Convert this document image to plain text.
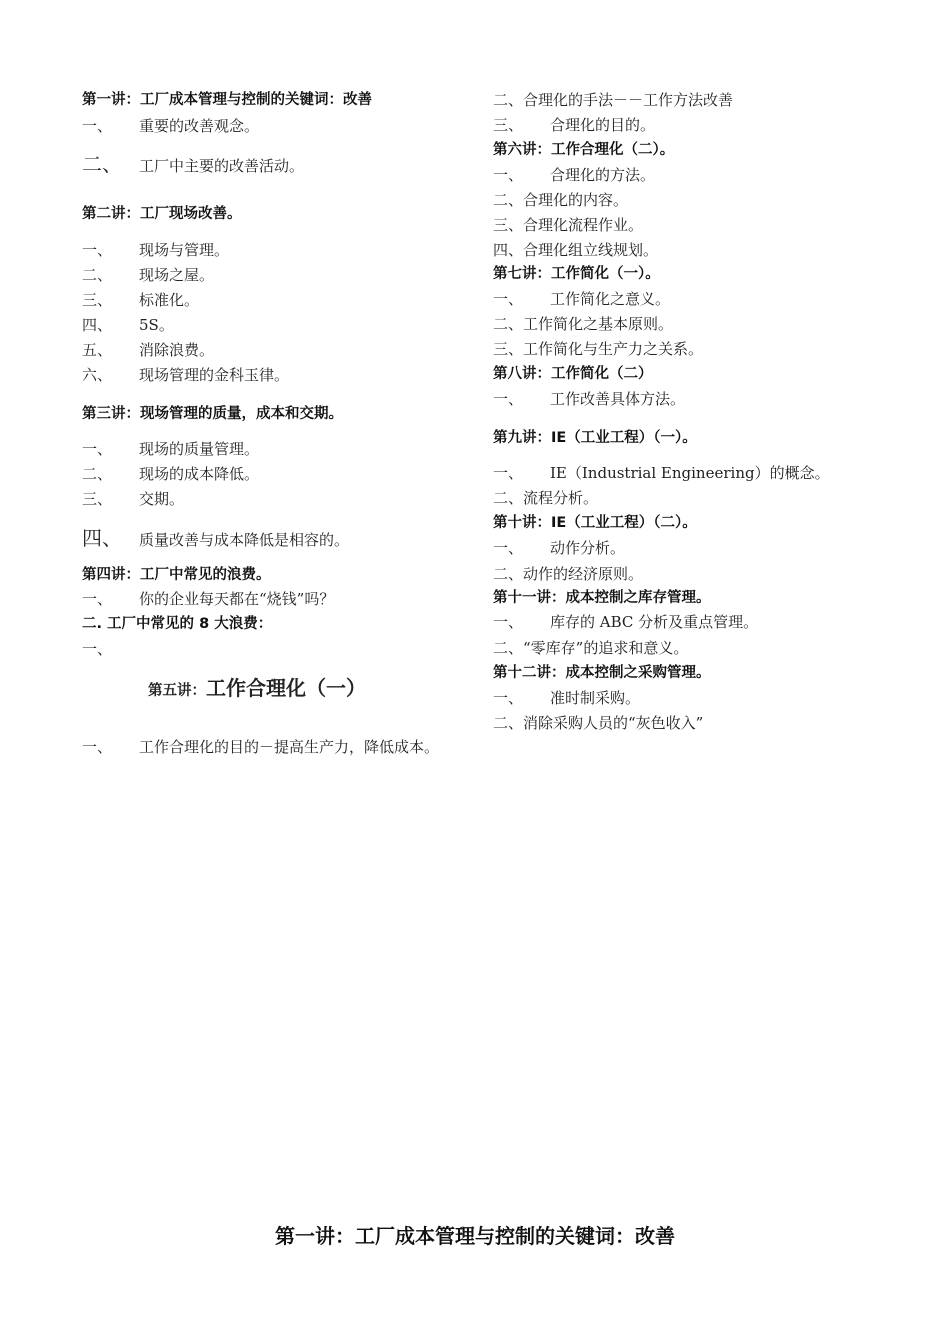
第一讲：工厂成本管理与控制的关键词：改善
一、 重要的改善观念。
二、 工厂中主要的改善活动。
第二讲：工厂现场改善。
一、 现场与管理。
二、 现场之屋。
三、 标准化。
四、 5S。
五、 消除浪费。
六、 现场管理的金科玉律。
第三讲：现场管理的质量，成本和交期。
一、 现场的质量管理。
二、 现场的成本降低。
三、 交期。
四、 质量改善与成本降低是相容的。
第四讲：工厂中常见的浪费。
一、 你的企业每天都在“烧钱”吗？
二. 工厂中常见的 8 大浪费：
一、
第五讲：工作合理化（一）
一、 工作合理化的目的－提高生产力，降低成本。
二、合理化的手法－－工作方法改善
三、 合理化的目的。
第六讲：工作合理化（二）。
一、 合理化的方法。
二、合理化的内容。
三、合理化流程作业。
四、合理化组立线规划。
第七讲：工作简化（一）。
一、 工作简化之意义。
二、工作简化之基本原则。
三、工作简化与生产力之关系。
第八讲：工作简化（二）
一、 工作改善具体方法。
第九讲：IE（工业工程）（一）。
一、 IE（Industrial Engineering）的概念。
二、流程分析。
第十讲：IE（工业工程）（二）。
一、 动作分析。
二、动作的经济原则。
第十一讲：成本控制之库存管理。
一、 库存的 ABC 分析及重点管理。
二、“零库存”的追求和意义。
第十二讲：成本控制之采购管理。
一、 准时制采购。
二、消除采购人员的“灰色收入”
第一讲：工厂成本管理与控制的关键词：改善
